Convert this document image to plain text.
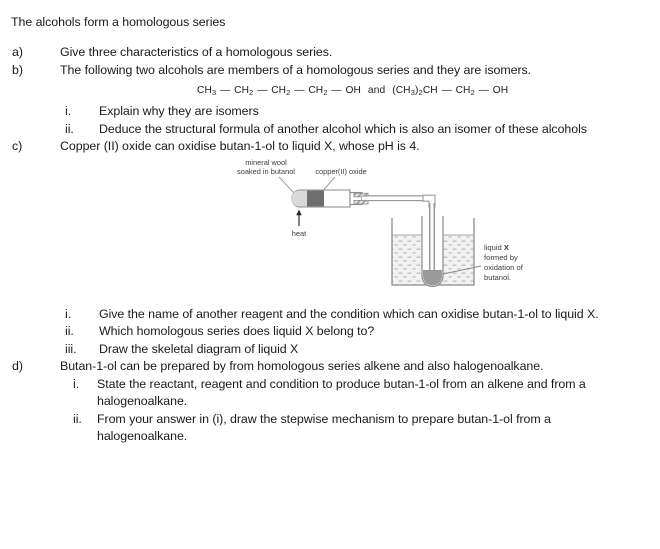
The alcohols form a homologous series

a)	Give three characteristics of a homologous series.
b)	The following two alcohols are members of a homologous series and they are isomers.
$CH_3$ — $CH_2$ — $CH_2$ — $CH_2$ — OH and $(CH_3)_2CH$ — $CH_2$ — OH
i.	Explain why they are isomers
ii.	Deduce the structural formula of another alcohol which is also an isomer of these alcohols
c)	Copper (II) oxide can oxidise butan-1-ol to liquid X, whose pH is 4.
mineral wool
soaked in butanol	copper(II) oxide
heat
liquid X
formed by
oxidation of
butanol.
i.	Give the name of another reagent and the condition which can oxidise butan-1-ol to liquid X.
ii.	Which homologous series does liquid X belong to?
iii.	Draw the skeletal diagram of liquid X
d)	Butan-1-ol can be prepared by from homologous series alkene and also halogenoalkane.
i.	State the reactant, reagent and condition to produce butan-1-ol from an alkene and from a halogenoalkane.
ii.	From your answer in (i), draw the stepwise mechanism to prepare butan-1-ol from a halogenoalkane.
